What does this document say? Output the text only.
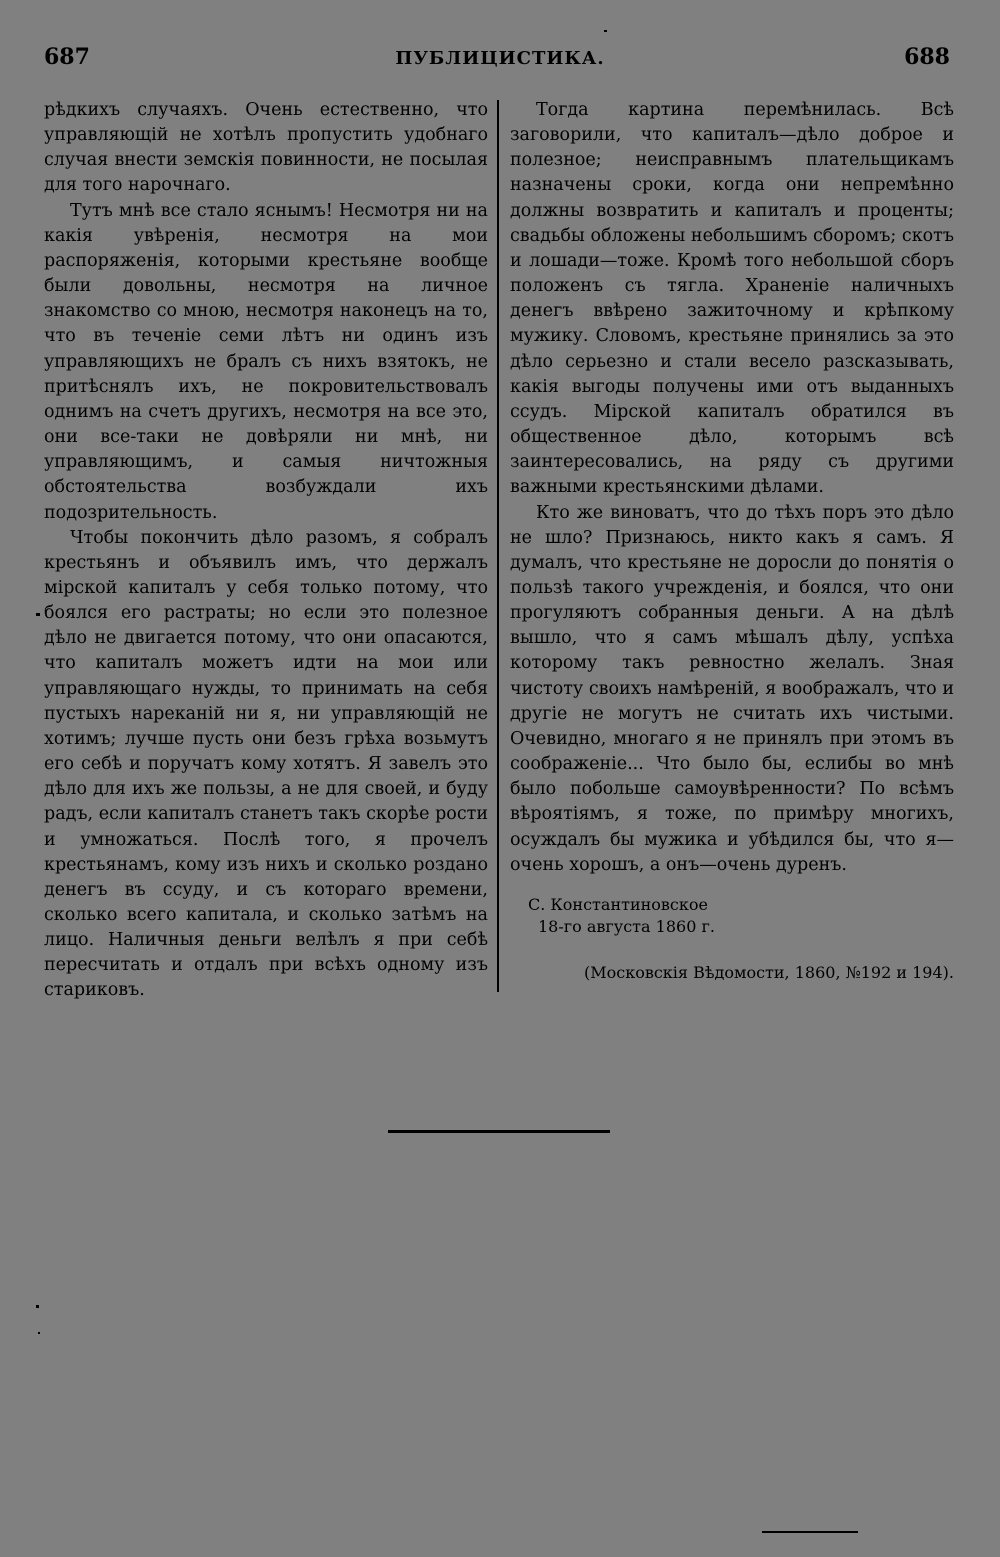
687	ПУБЛИЦИСТИКА.	688

рѣдкихъ случаяхъ. Очень естественно, что управляющій не хотѣлъ пропустить удобнаго случая внести земскія повинности, не посылая для того нарочнаго.

Тутъ мнѣ все стало яснымъ! Несмотря ни на какія увѣренія, несмотря на мои распоряженія, которыми крестьяне вообще были довольны, несмотря на личное знакомство со мною, несмотря наконецъ на то, что въ теченіе семи лѣтъ ни одинъ изъ управляющихъ не бралъ съ нихъ взятокъ, не притѣснялъ ихъ, не покровительствовалъ однимъ на счетъ другихъ, несмотря на все это, они все-таки не довѣряли ни мнѣ, ни управляющимъ, и самыя ничтожныя обстоятельства возбуждали ихъ подозрительность.

Чтобы покончить дѣло разомъ, я собралъ крестьянъ и объявилъ имъ, что держалъ мірской капиталъ у себя только потому, что боялся его растраты; но если это полезное дѣло не двигается потому, что они опасаются, что капиталъ можетъ идти на мои или управляющаго нужды, то принимать на себя пустыхъ нареканій ни я, ни управляющій не хотимъ; лучше пусть они безъ грѣха возьмутъ его себѣ и поручатъ кому хотятъ. Я завелъ это дѣло для ихъ же пользы, а не для своей, и буду радъ, если капиталъ станетъ такъ скорѣе рости и умножаться. Послѣ того, я прочелъ крестьянамъ, кому изъ нихъ и сколько роздано денегъ въ ссуду, и съ котораго времени, сколько всего капитала, и сколько затѣмъ на лицо. Наличныя деньги велѣлъ я при себѣ пересчитать и отдалъ при всѣхъ одному изъ стариковъ.

Тогда картина перемѣнилась. Всѣ заговорили, что капиталъ—дѣло доброе и полезное; неисправнымъ плательщикамъ назначены сроки, когда они непремѣнно должны возвратить и капиталъ и проценты; свадьбы обложены небольшимъ сборомъ; скотъ и лошади—тоже. Кромѣ того небольшой сборъ положенъ съ тягла. Храненіе наличныхъ денегъ ввѣрено зажиточному и крѣпкому мужику. Словомъ, крестьяне принялись за это дѣло серьезно и стали весело разсказывать, какія выгоды получены ими отъ выданныхъ ссудъ. Мірской капиталъ обратился въ общественное дѣло, которымъ всѣ заинтересовались, на ряду съ другими важными крестьянскими дѣлами.

Кто же виноватъ, что до тѣхъ поръ это дѣло не шло? Признаюсь, никто какъ я самъ. Я думалъ, что крестьяне не доросли до понятія о пользѣ такого учрежденія, и боялся, что они прогуляютъ собранныя деньги. А на дѣлѣ вышло, что я самъ мѣшалъ дѣлу, успѣха которому такъ ревностно желалъ. Зная чистоту своихъ намѣреній, я воображалъ, что и другіе не могутъ не считать ихъ чистыми. Очевидно, многаго я не принялъ при этомъ въ соображеніе... Что было бы, еслибы во мнѣ было побольше самоувѣренности? По всѣмъ вѣроятіямъ, я тоже, по примѣру многихъ, осуждалъ бы мужика и убѣдился бы, что я—очень хорошъ, а онъ—очень дуренъ.

С. Константиновское
18-го августа 1860 г.
(Московскія Вѣдомости, 1860, №192 и 194).
